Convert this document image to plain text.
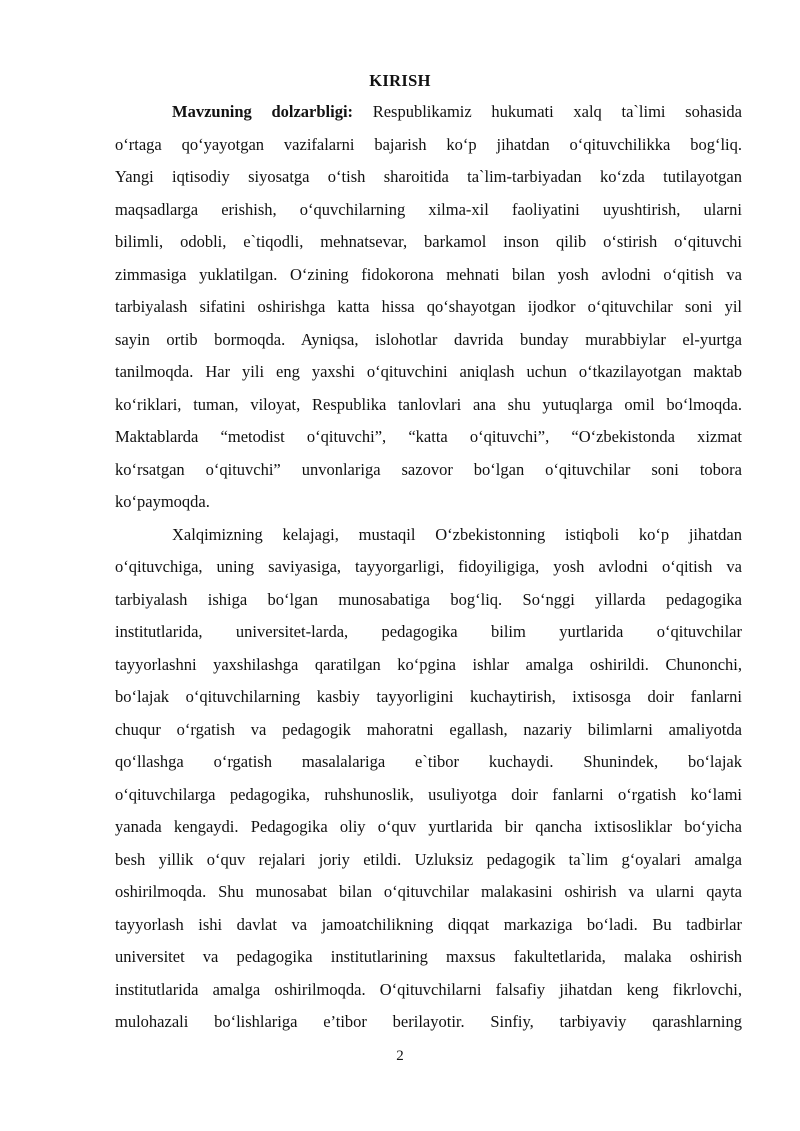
KIRISH
Mavzuning dolzarbligi: Respublikamiz hukumati xalq ta`limi sohasida
o‘rtaga qo‘yayotgan vazifalarni bajarish ko‘p jihatdan o‘qituvchilikka bog‘liq.
Yangi iqtisodiy siyosatga o‘tish sharoitida ta`lim-tarbiyadan ko‘zda tutilayotgan
maqsadlarga erishish, o‘quvchilarning xilma-xil faoliyatini uyushtirish, ularni
bilimli, odobli, e`tiqodli, mehnatsevar, barkamol inson qilib o‘stirish o‘qituvchi
zimmasiga yuklatilgan. O‘zining fidokorona mehnati bilan yosh avlodni o‘qitish va
tarbiyalash sifatini oshirishga katta hissa qo‘shayotgan ijodkor o‘qituvchilar soni yil
sayin ortib bormoqda. Ayniqsa, islohotlar davrida bunday murabbiylar el-yurtga
tanilmoqda. Har yili eng yaxshi o‘qituvchini aniqlash uchun o‘tkazilayotgan maktab
ko‘riklari, tuman, viloyat, Respublika tanlovlari ana shu yutuqlarga omil bo‘lmoqda.
Maktablarda “metodist o‘qituvchi”, “katta o‘qituvchi”, “O‘zbekistonda xizmat
ko‘rsatgan o‘qituvchi” unvonlariga sazovor bo‘lgan o‘qituvchilar soni tobora
ko‘paymoqda.
Xalqimizning kelajagi, mustaqil O‘zbekistonning istiqboli ko‘p jihatdan
o‘qituvchiga, uning saviyasiga, tayyorgarligi, fidoyiligiga, yosh avlodni o‘qitish va
tarbiyalash ishiga bo‘lgan munosabatiga bog‘liq. So‘nggi yillarda pedagogika
institutlarida, universitet-larda, pedagogika bilim yurtlarida o‘qituvchilar
tayyorlashni yaxshilashga qaratilgan ko‘pgina ishlar amalga oshirildi. Chunonchi,
bo‘lajak o‘qituvchilarning kasbiy tayyorligini kuchaytirish, ixtisosga doir fanlarni
chuqur o‘rgatish va pedagogik mahoratni egallash, nazariy bilimlarni amaliyotda
qo‘llashga o‘rgatish masalalariga e`tibor kuchaydi. Shunindek, bo‘lajak
o‘qituvchilarga pedagogika, ruhshunoslik, usuliyotga doir fanlarni o‘rgatish ko‘lami
yanada kengaydi. Pedagogika oliy o‘quv yurtlarida bir qancha ixtisosliklar bo‘yicha
besh yillik o‘quv rejalari joriy etildi. Uzluksiz pedagogik ta`lim g‘oyalari amalga
oshirilmoqda. Shu munosabat bilan o‘qituvchilar malakasini oshirish va ularni qayta
tayyorlash ishi davlat va jamoatchilikning diqqat markaziga bo‘ladi. Bu tadbirlar
universitet va pedagogika institutlarining maxsus fakultetlarida, malaka oshirish
institutlarida amalga oshirilmoqda. O‘qituvchilarni falsafiy jihatdan keng fikrlovchi,
mulohazali bo‘lishlariga e’tibor berilayotir. Sinfiy, tarbiyaviy qarashlarning
2
